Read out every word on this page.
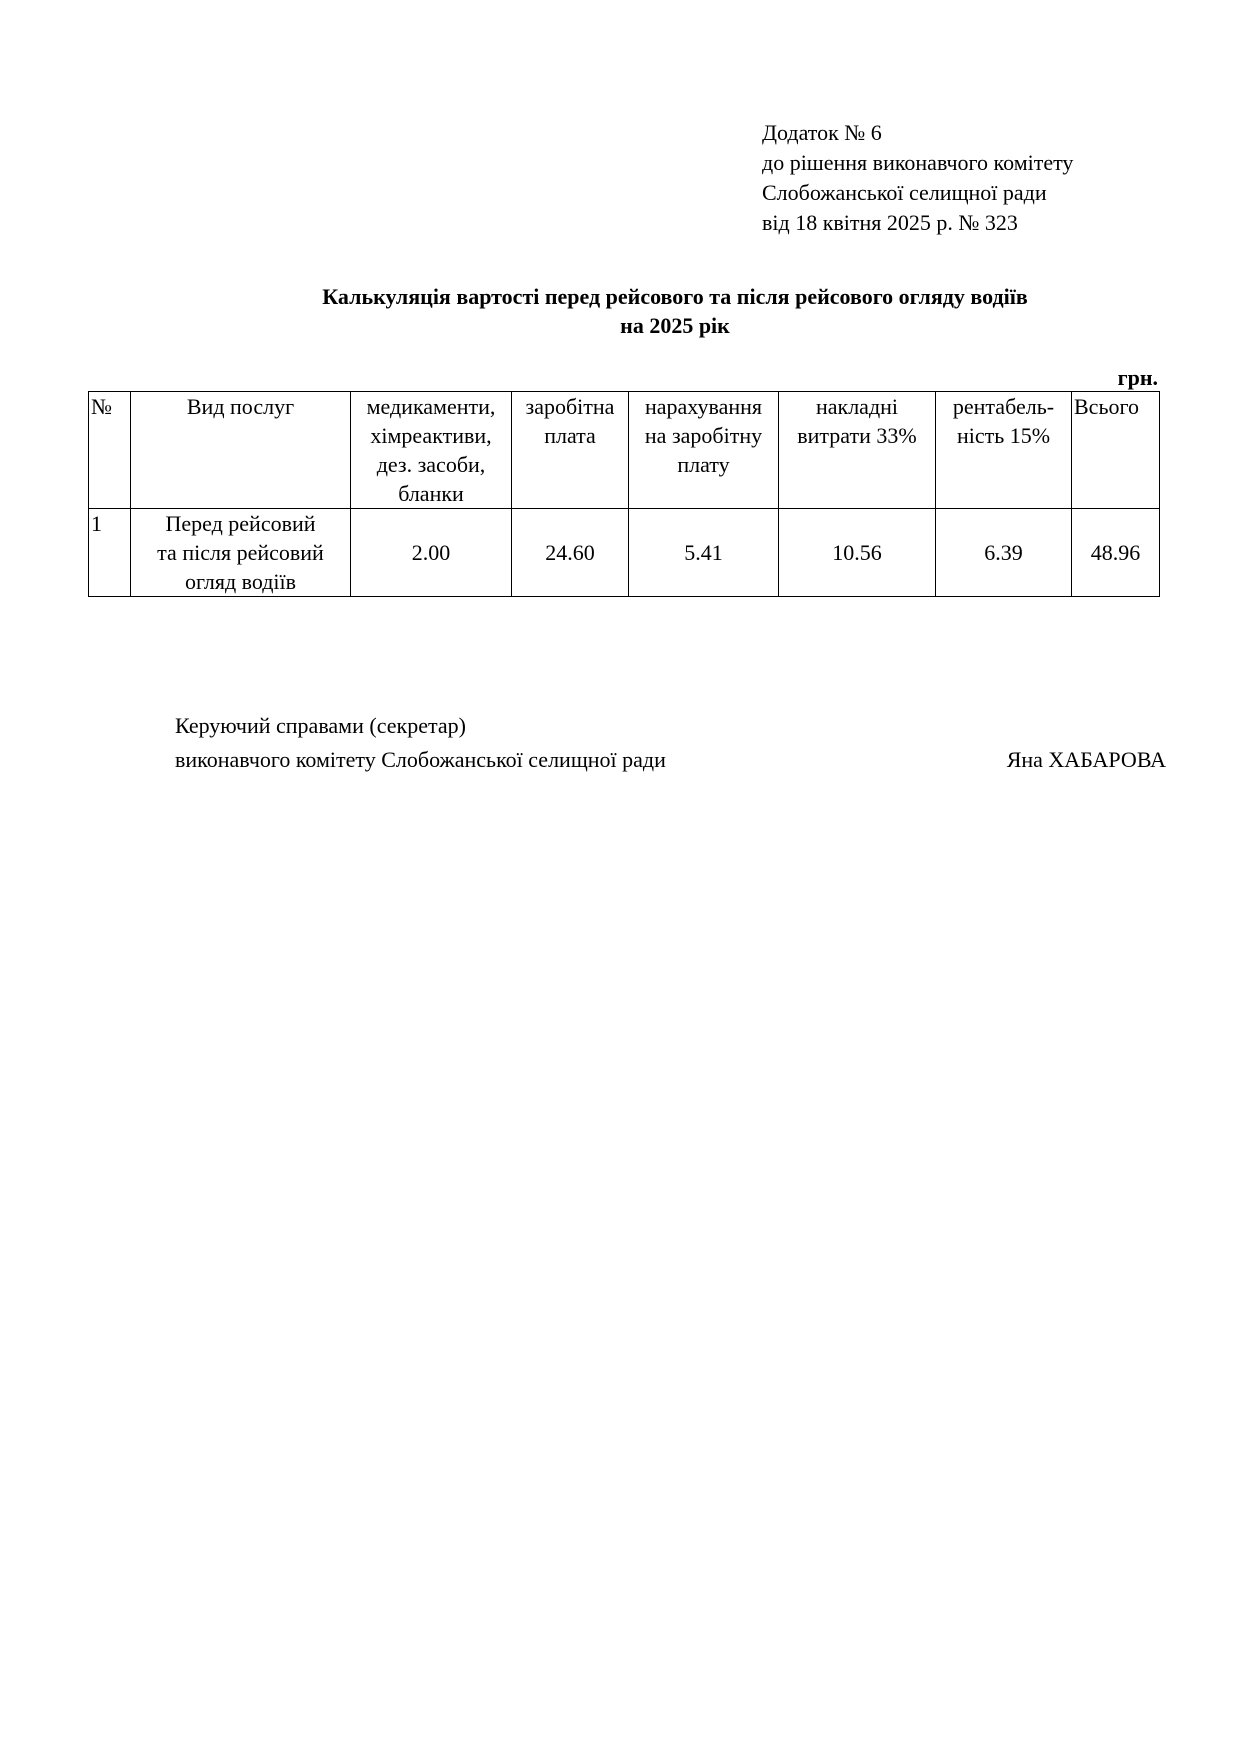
Додаток № 6
до рішення виконавчого комітету
Слобожанської селищної ради
від 18 квітня 2025 р. № 323
Калькуляція вартості перед рейсового та після рейсового огляду водіїв
на 2025 рік
грн.
№	Вид послуг	медикаменти,
хімреактиви,
дез. засоби,
бланки	заробітна
плата	нарахування
на заробітну
плату	накладні
витрати 33%	рентабель-
ність 15%	Всього

1	Перед рейсовий
та після рейсовий
огляд водіїв	2.00	24.60	5.41	10.56	6.39	48.96
Керуючий справами (секретар)
виконавчого комітету Слобожанської селищної ради	Яна ХАБАРОВА
